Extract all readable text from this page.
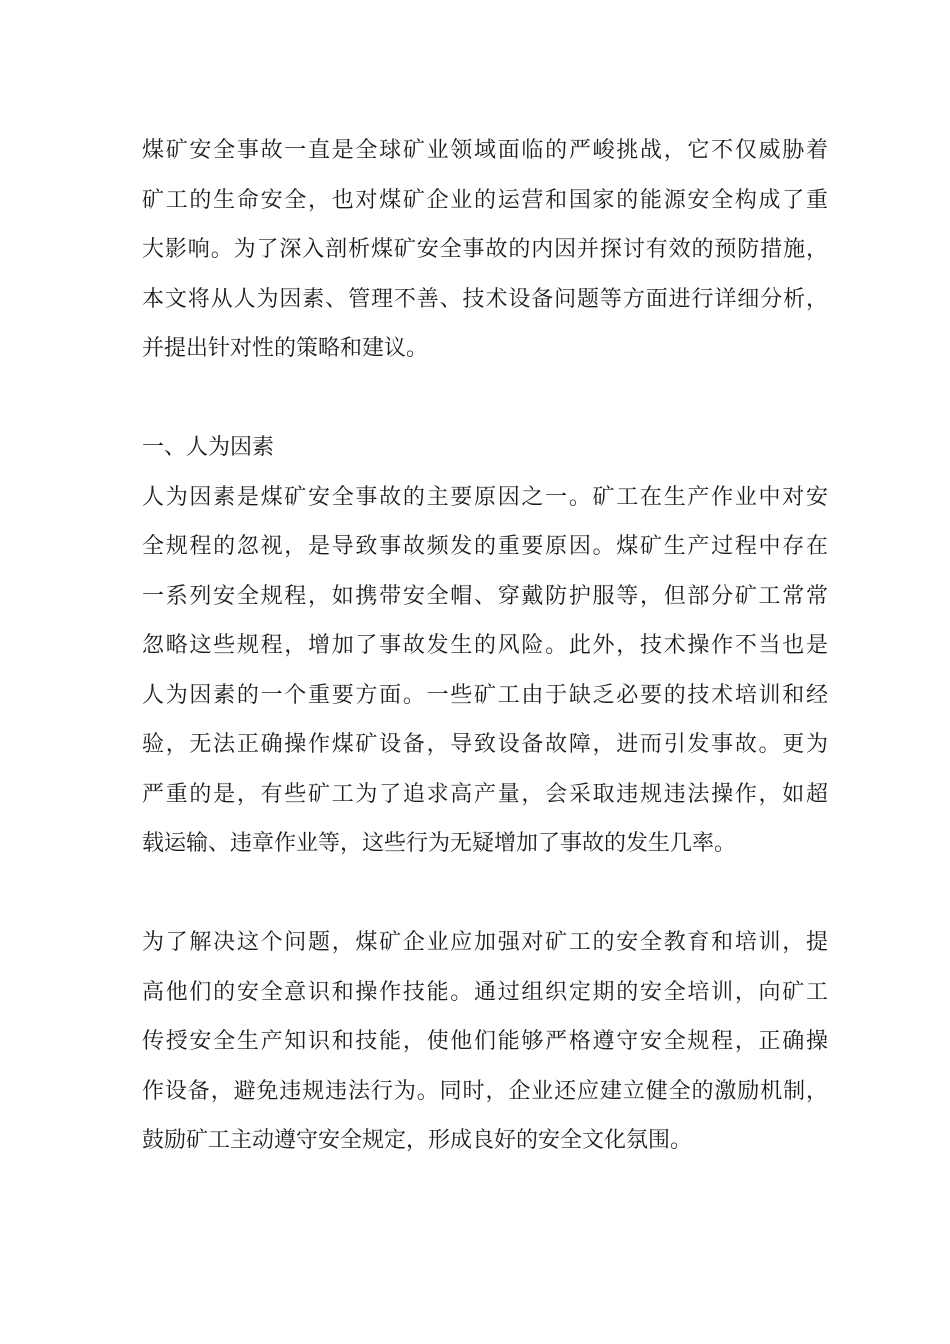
煤矿安全事故一直是全球矿业领域面临的严峻挑战，它不仅威胁着
矿工的生命安全，也对煤矿企业的运营和国家的能源安全构成了重
大影响。为了深入剖析煤矿安全事故的内因并探讨有效的预防措施，
本文将从人为因素、管理不善、技术设备问题等方面进行详细分析，
并提出针对性的策略和建议。
一、人为因素
人为因素是煤矿安全事故的主要原因之一。矿工在生产作业中对安
全规程的忽视，是导致事故频发的重要原因。煤矿生产过程中存在
一系列安全规程，如携带安全帽、穿戴防护服等，但部分矿工常常
忽略这些规程，增加了事故发生的风险。此外，技术操作不当也是
人为因素的一个重要方面。一些矿工由于缺乏必要的技术培训和经
验，无法正确操作煤矿设备，导致设备故障，进而引发事故。更为
严重的是，有些矿工为了追求高产量，会采取违规违法操作，如超
载运输、违章作业等，这些行为无疑增加了事故的发生几率。
为了解决这个问题，煤矿企业应加强对矿工的安全教育和培训，提
高他们的安全意识和操作技能。通过组织定期的安全培训，向矿工
传授安全生产知识和技能，使他们能够严格遵守安全规程，正确操
作设备，避免违规违法行为。同时，企业还应建立健全的激励机制，
鼓励矿工主动遵守安全规定，形成良好的安全文化氛围。
